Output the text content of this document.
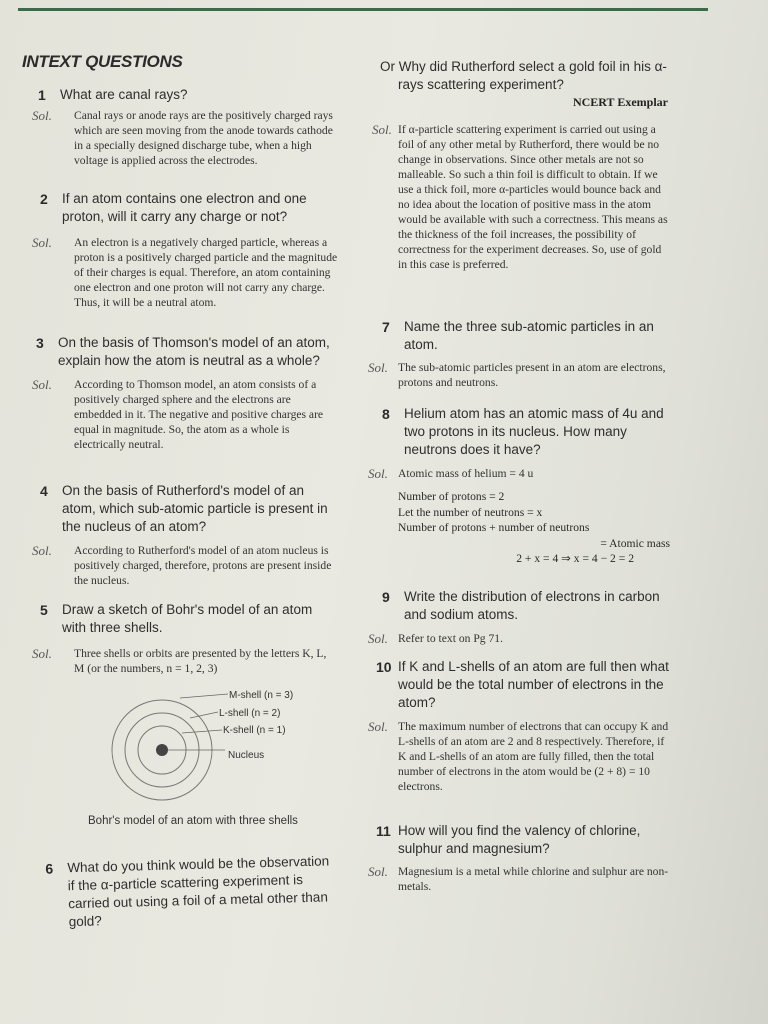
INTEXT QUESTIONS

1 What are canal rays?

Sol. Canal rays or anode rays are the positively charged rays which are seen moving from the anode towards cathode in a specially designed discharge tube, when a high voltage is applied across the electrodes.

2 If an atom contains one electron and one proton, will it carry any charge or not?

Sol. An electron is a negatively charged particle, whereas a proton is a positively charged particle and the magnitude of their charges is equal. Therefore, an atom containing one electron and one proton will not carry any charge. Thus, it will be a neutral atom.

3 On the basis of Thomson's model of an atom, explain how the atom is neutral as a whole?

Sol. According to Thomson model, an atom consists of a positively charged sphere and the electrons are embedded in it. The negative and positive charges are equal in magnitude. So, the atom as a whole is electrically neutral.

4 On the basis of Rutherford's model of an atom, which sub-atomic particle is present in the nucleus of an atom?

Sol. According to Rutherford's model of an atom nucleus is positively charged, therefore, protons are present inside the nucleus.

5 Draw a sketch of Bohr's model of an atom with three shells.

Sol. Three shells or orbits are presented by the letters K, L, M (or the numbers, n = 1, 2, 3)

M-shell (n = 3)
L-shell (n = 2)
K-shell (n = 1)
Nucleus
Bohr's model of an atom with three shells

6 What do you think would be the observation if the α-particle scattering experiment is carried out using a foil of a metal other than gold?

Or Why did Rutherford select a gold foil in his α-rays scattering experiment?

NCERT Exemplar

Sol. If α-particle scattering experiment is carried out using a foil of any other metal by Rutherford, there would be no change in observations. Since other metals are not so malleable. So such a thin foil is difficult to obtain. If we use a thick foil, more α-particles would bounce back and no idea about the location of positive mass in the atom would be available with such a correctness. This means as the thickness of the foil increases, the possibility of correctness for the experiment decreases. So, use of gold in this case is preferred.

7 Name the three sub-atomic particles in an atom.

Sol. The sub-atomic particles present in an atom are electrons, protons and neutrons.

8 Helium atom has an atomic mass of 4u and two protons in its nucleus. How many neutrons does it have?

Sol. Atomic mass of helium = 4 u

Number of protons = 2
Let the number of neutrons = x
Number of protons + number of neutrons
= Atomic mass
2 + x = 4 ⇒ x = 4 − 2 = 2

9 Write the distribution of electrons in carbon and sodium atoms.

Sol. Refer to text on Pg 71.

10 If K and L-shells of an atom are full then what would be the total number of electrons in the atom?

Sol. The maximum number of electrons that can occupy K and L-shells of an atom are 2 and 8 respectively. Therefore, if K and L-shells of an atom are fully filled, then the total number of electrons in the atom would be (2 + 8) = 10 electrons.

11 How will you find the valency of chlorine, sulphur and magnesium?

Sol. Magnesium is a metal while chlorine and sulphur are non-metals.
